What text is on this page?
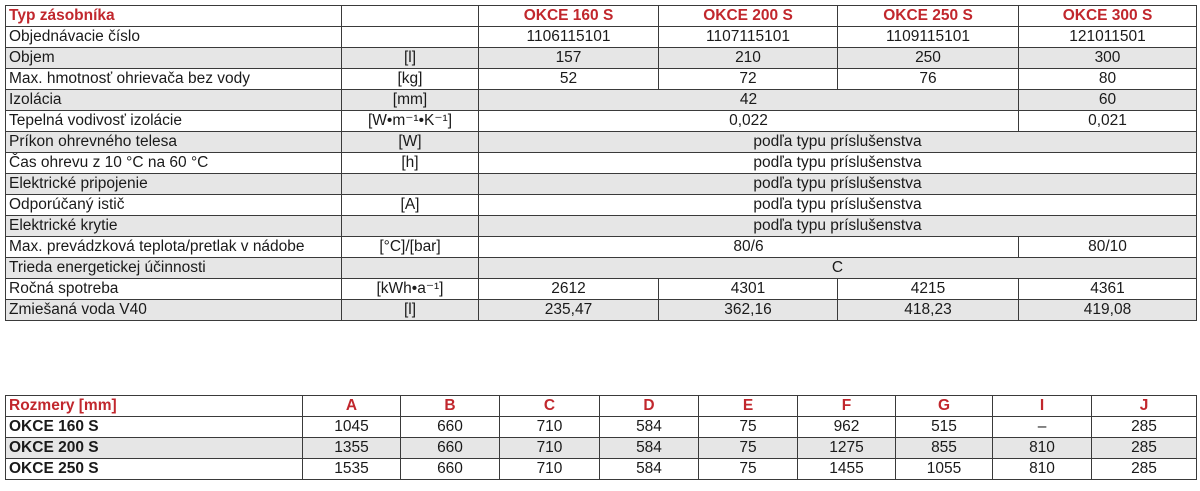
Typ zásobníka		OKCE 160 S	OKCE 200 S	OKCE 250 S	OKCE 300 S
Objednávacie číslo		1106115101	1107115101	1109115101	121011501
Objem	[l]	157	210	250	300
Max. hmotnosť ohrievača bez vody	[kg]	52	72	76	80
Izolácia	[mm]	42			60
Tepelná vodivosť izolácie	[W•m⁻¹•K⁻¹]	0,022			0,021
Príkon ohrevného telesa	[W]	podľa typu príslušenstva			
Čas ohrevu z 10 °C na 60 °C	[h]	podľa typu príslušenstva			
Elektrické pripojenie		podľa typu príslušenstva			
Odporúčaný istič	[A]	podľa typu príslušenstva			
Elektrické krytie		podľa typu príslušenstva			
Max. prevádzková teplota/pretlak v nádobe	[°C]/[bar]	80/6			80/10
Trieda energetickej účinnosti		C			
Ročná spotreba	[kWh•a⁻¹]	2612	4301	4215	4361
Zmiešaná voda V40	[l]	235,47	362,16	418,23	419,08
Rozmery [mm]	A	B	C	D	E	F	G	I	J
OKCE 160 S	1045	660	710	584	75	962	515	–	285
OKCE 200 S	1355	660	710	584	75	1275	855	810	285
OKCE 250 S	1535	660	710	584	75	1455	1055	810	285
